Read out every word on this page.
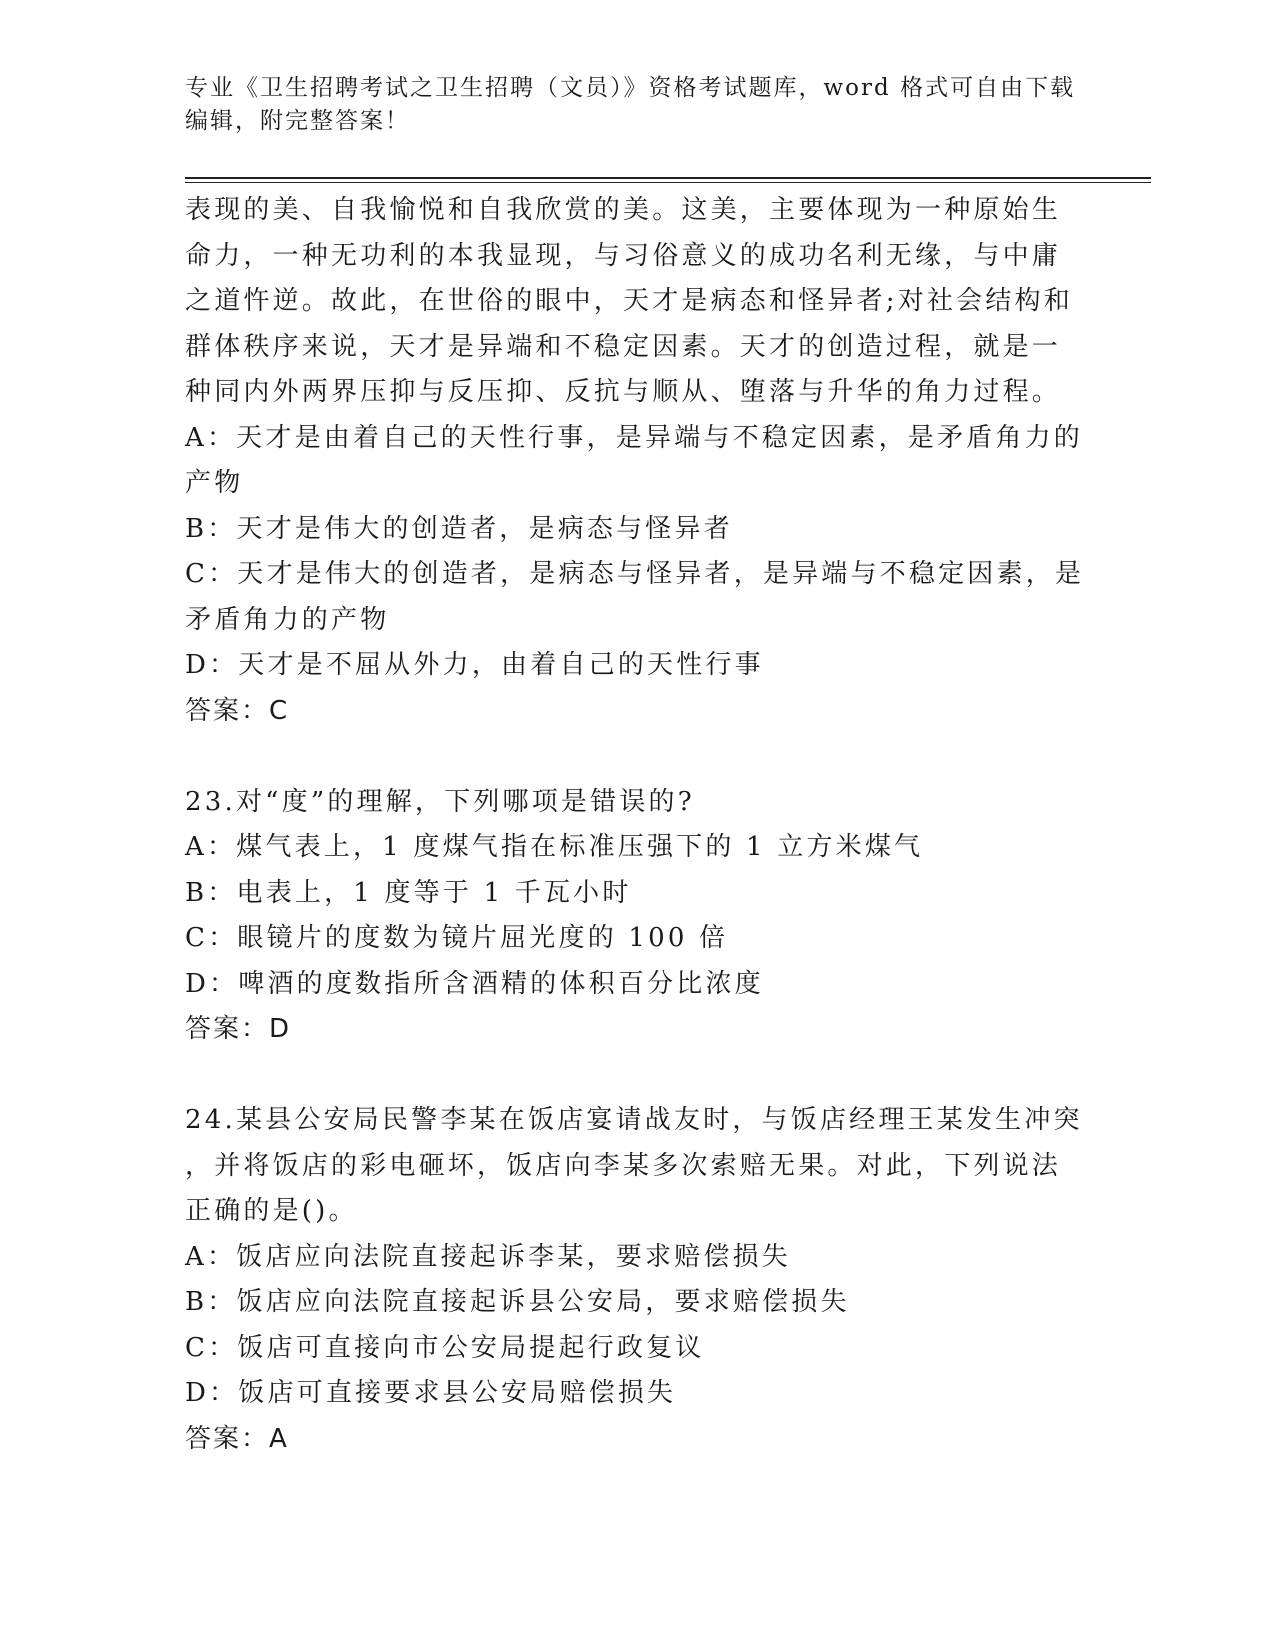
专业《卫生招聘考试之卫生招聘（文员）》资格考试题库，word 格式可自由下载
编辑，附完整答案！
表现的美、自我愉悦和自我欣赏的美。这美，主要体现为一种原始生
命力，一种无功利的本我显现，与习俗意义的成功名利无缘，与中庸
之道忤逆。故此，在世俗的眼中，天才是病态和怪异者;对社会结构和
群体秩序来说，天才是异端和不稳定因素。天才的创造过程，就是一
种同内外两界压抑与反压抑、反抗与顺从、堕落与升华的角力过程。
A：天才是由着自己的天性行事，是异端与不稳定因素，是矛盾角力的
产物
B：天才是伟大的创造者，是病态与怪异者
C：天才是伟大的创造者，是病态与怪异者，是异端与不稳定因素，是
矛盾角力的产物
D：天才是不屈从外力，由着自己的天性行事
答案：C
23.对“度”的理解，下列哪项是错误的?
A：煤气表上，1 度煤气指在标准压强下的 1 立方米煤气
B：电表上，1 度等于 1 千瓦小时
C：眼镜片的度数为镜片屈光度的 100 倍
D：啤酒的度数指所含酒精的体积百分比浓度
答案：D
24.某县公安局民警李某在饭店宴请战友时，与饭店经理王某发生冲突
，并将饭店的彩电砸坏，饭店向李某多次索赔无果。对此，下列说法
正确的是()。
A：饭店应向法院直接起诉李某，要求赔偿损失
B：饭店应向法院直接起诉县公安局，要求赔偿损失
C：饭店可直接向市公安局提起行政复议
D：饭店可直接要求县公安局赔偿损失
答案：A
